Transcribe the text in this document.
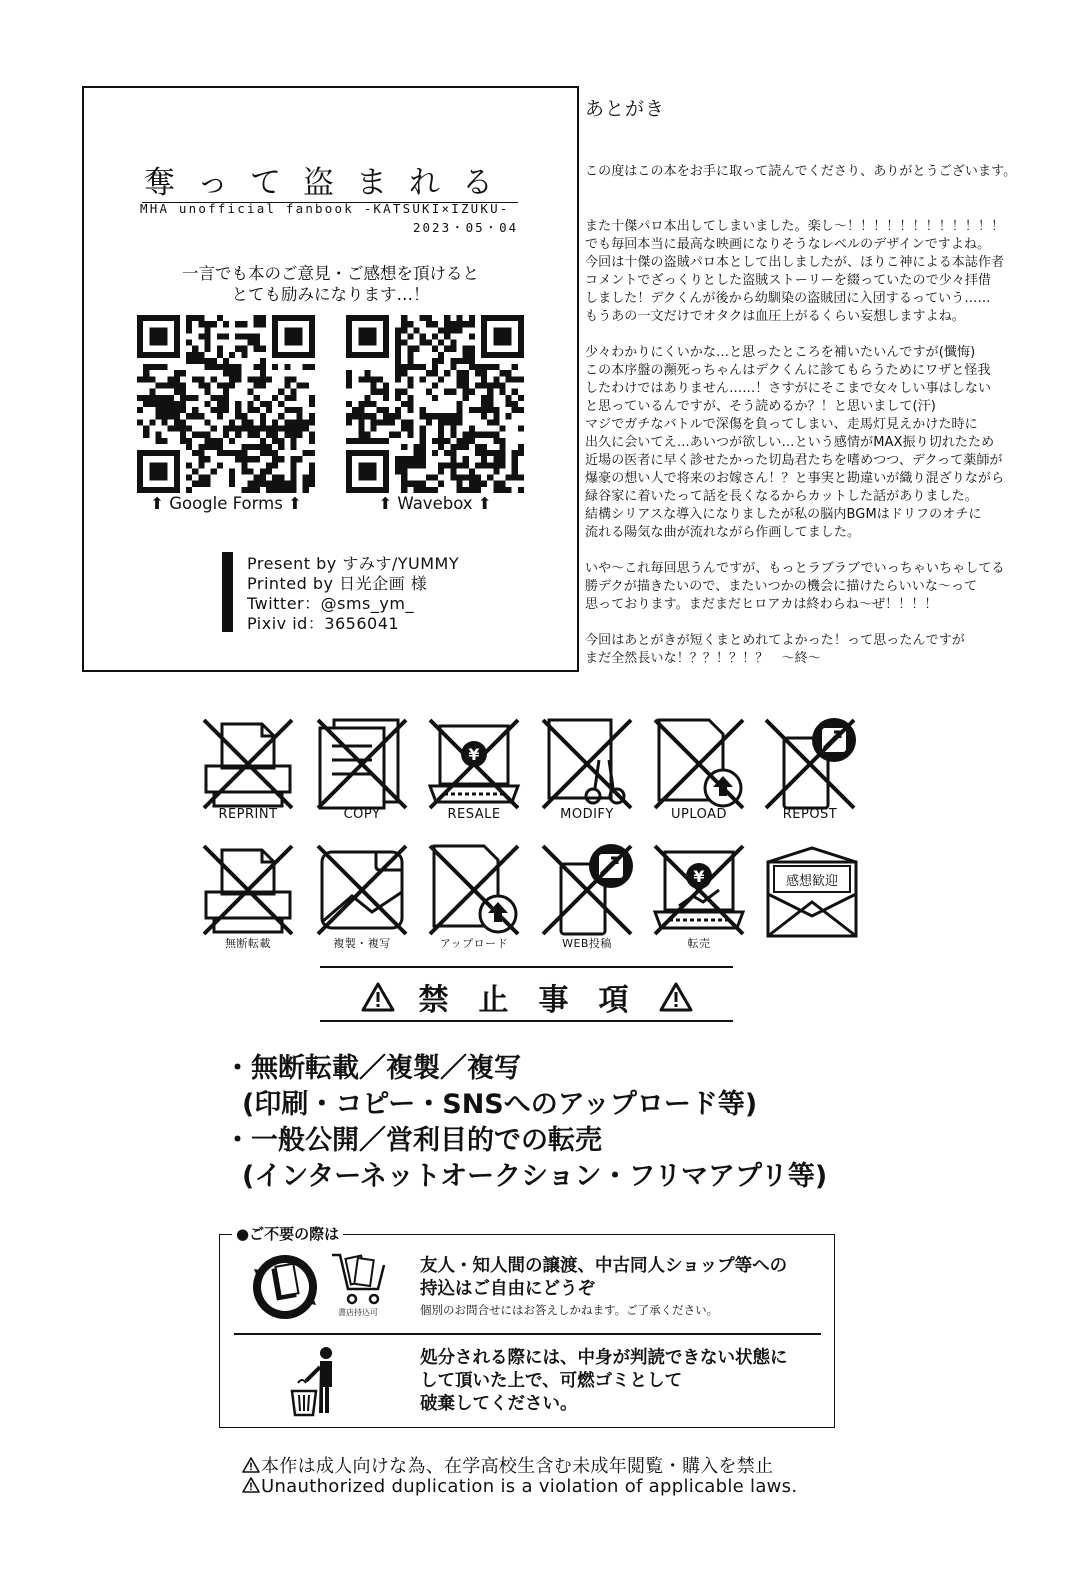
奪って盗まれる
MHA unofficial fanbook -KATSUKI×IZUKU-
2023・05・04
一言でも本のご意見・ご感想を頂けると
とても励みになります…！
⬆ Google Forms ⬆	⬆ Wavebox ⬆
Present by すみす/YUMMY
Printed by 日光企画 様
Twitter：@sms_ym_
Pixiv id：3656041
あとがき
この度はこの本をお手に取って読んでくださり、ありがとうございます。
また十傑パロ本出してしまいました。楽し〜！！！！！！！！！！！！
でも毎回本当に最高な映画になりそうなレベルのデザインですよね。
今回は十傑の盗賊パロ本として出しましたが、ほりこ神による本誌作者
コメントでざっくりとした盗賊ストーリーを綴っていたので少々拝借
しました！デクくんが後から幼馴染の盗賊団に入団するっていう……
もうあの一文だけでオタクは血圧上がるくらい妄想しますよね。
少々わかりにくいかな…と思ったところを補いたいんですが(懺悔)
この本序盤の瀕死っちゃんはデクくんに診てもらうためにワザと怪我
したわけではありません……！さすがにそこまで女々しい事はしない
と思っているんですが、そう読めるか？！と思いまして(汗)
マジでガチなバトルで深傷を負ってしまい、走馬灯見えかけた時に
出久に会いてえ…あいつが欲しい…という感情がMAX振り切れたため
近場の医者に早く診せたかった切島君たちを嗜めつつ、デクって薬師が
爆豪の想い人で将来のお嫁さん！？と事実と勘違いが織り混ざりながら
緑谷家に着いたって話を長くなるからカットした話がありました。
結構シリアスな導入になりましたが私の脳内BGMはドリフのオチに
流れる陽気な曲が流れながら作画してました。
いや〜これ毎回思うんですが、もっとラブラブでいっちゃいちゃしてる
勝デクが描きたいので、またいつかの機会に描けたらいいな〜って
思っております。まだまだヒロアカは終わらね〜ぜ！！！！
今回はあとがきが短くまとめれてよかった！って思ったんですが
まだ全然長いな！？？！？！？　〜終〜
REPRINT	COPY
¥
RESALE	MODIFY	UPLOAD	REPOST
無断転載	複製・複写	アップロード	WEB投稿
¥
転売
感想歓迎
禁止事項
・無断転載／複製／複写
(印刷・コピー・SNSへのアップロード等)
・一般公開／営利目的での転売
(インターネットオークション・フリマアプリ等)
●ご不要の際は
書店持込可
友人・知人間の譲渡、中古同人ショップ等への
持込はご自由にどうぞ
個別のお問合せにはお答えしかねます。ご了承ください。
処分される際には、中身が判読できない状態に
して頂いた上で、可燃ゴミとして
破棄してください。
本作は成人向けな為、在学高校生含む未成年閲覧・購入を禁止
Unauthorized duplication is a violation of applicable laws.
